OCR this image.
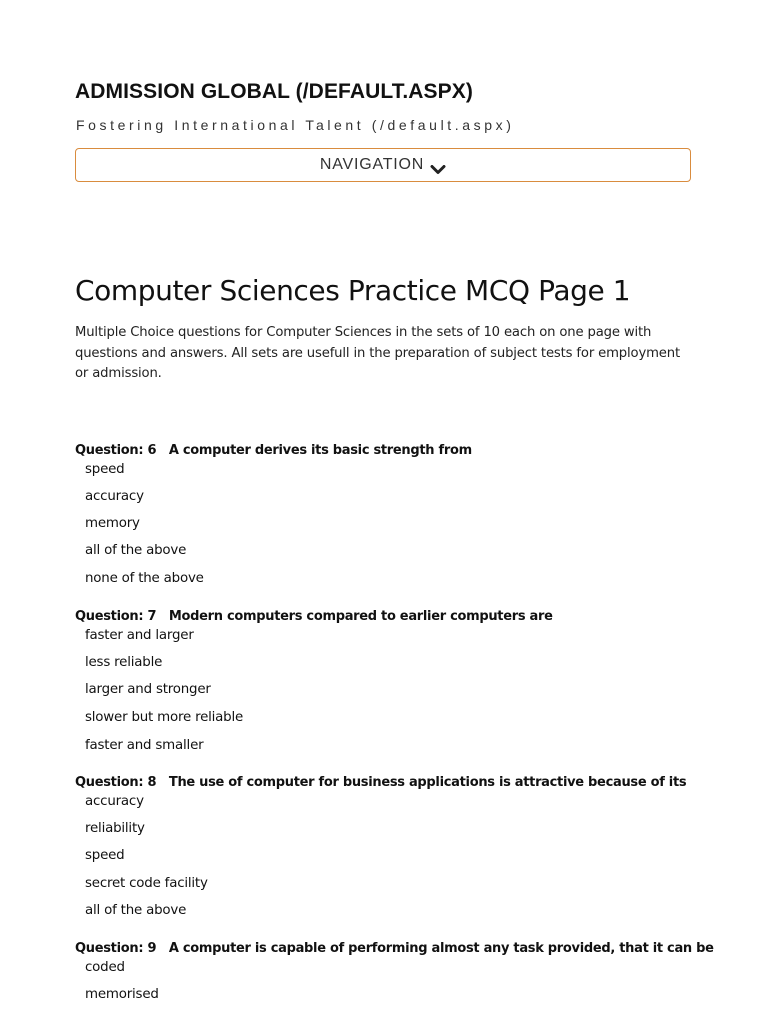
ADMISSION GLOBAL (/DEFAULT.ASPX)
Fostering International Talent (/default.aspx)
NAVIGATION
Computer Sciences Practice MCQ Page 1

Multiple Choice questions for Computer Sciences in the sets of 10 each on one page with questions and answers. All sets are usefull in the preparation of subject tests for employment or admission.

Question: 6 A computer derives its basic strength from
speed
accuracy
memory
all of the above
none of the above
Question: 7 Modern computers compared to earlier computers are
faster and larger
less reliable
larger and stronger
slower but more reliable
faster and smaller
Question: 8 The use of computer for business applications is attractive because of its
accuracy
reliability
speed
secret code facility
all of the above
Question: 9 A computer is capable of performing almost any task provided, that it can be
coded
memorised
